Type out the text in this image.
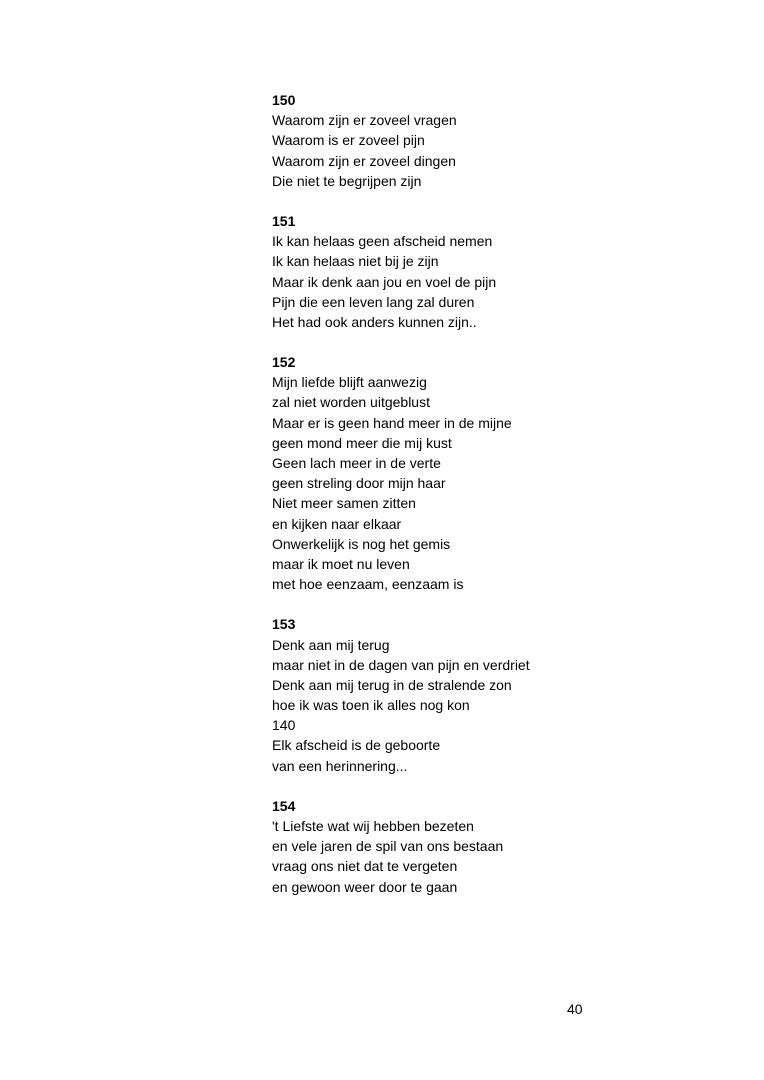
150
Waarom zijn er zoveel vragen
Waarom is er zoveel pijn
Waarom zijn er zoveel dingen
Die niet te begrijpen zijn
151
Ik kan helaas geen afscheid nemen
Ik kan helaas niet bij je zijn
Maar ik denk aan jou en voel de pijn
Pijn die een leven lang zal duren
Het had ook anders kunnen zijn..
152
Mijn liefde blijft aanwezig
zal niet worden uitgeblust
Maar er is geen hand meer in de mijne
geen mond meer die mij kust
Geen lach meer in de verte
geen streling door mijn haar
Niet meer samen zitten
en kijken naar elkaar
Onwerkelijk is nog het gemis
maar ik moet nu leven
met hoe eenzaam, eenzaam is
153
Denk aan mij terug
maar niet in de dagen van pijn en verdriet
Denk aan mij terug in de stralende zon
hoe ik was toen ik alles nog kon
140
Elk afscheid is de geboorte
van een herinnering...
154
't Liefste wat wij hebben bezeten
en vele jaren de spil van ons bestaan
vraag ons niet dat te vergeten
en gewoon weer door te gaan
40
